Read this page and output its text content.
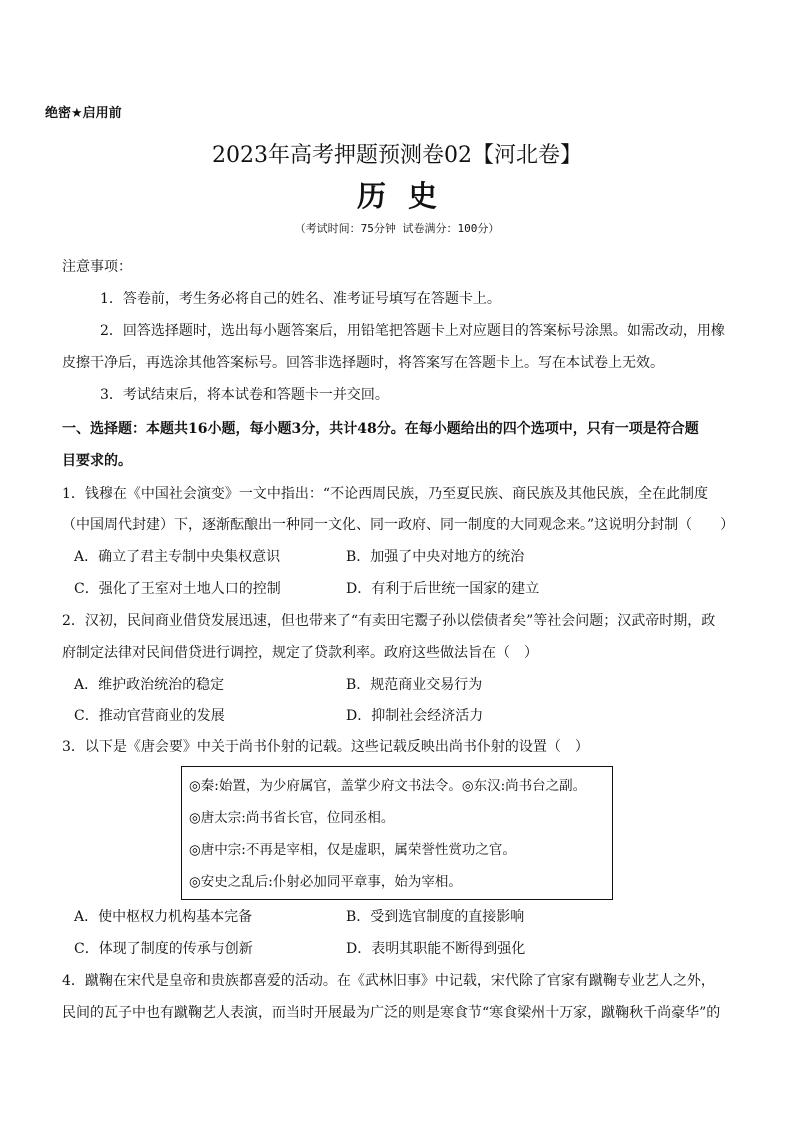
绝密★启用前
2023年高考押题预测卷02【河北卷】
历史
（考试时间：75分钟 试卷满分：100分）
注意事项：
1．答卷前，考生务必将自己的姓名、准考证号填写在答题卡上。
2．回答选择题时，选出每小题答案后，用铅笔把答题卡上对应题目的答案标号涂黑。如需改动，用橡
皮擦干净后，再选涂其他答案标号。回答非选择题时，将答案写在答题卡上。写在本试卷上无效。
3．考试结束后，将本试卷和答题卡一并交回。
一、选择题：本题共16小题，每小题3分，共计48分。在每小题给出的四个选项中，只有一项是符合题
目要求的。
1．钱穆在《中国社会演变》一文中指出：“不论西周民族，乃至夏民族、商民族及其他民族，全在此制度
（中国周代封建）下，逐渐酝酿出一种同一文化、同一政府、同一制度的大同观念来。”这说明分封制（　　）
A．确立了君主专制中央集权意识	B．加强了中央对地方的统治
C．强化了王室对土地人口的控制	D．有利于后世统一国家的建立
2．汉初，民间商业借贷发展迅速，但也带来了“有卖田宅鬻子孙以偿债者矣”等社会问题；汉武帝时期，政
府制定法律对民间借贷进行调控，规定了贷款利率。政府这些做法旨在（　）
A．维护政治统治的稳定	B．规范商业交易行为
C．推动官营商业的发展	D．抑制社会经济活力
3．以下是《唐会要》中关于尚书仆射的记载。这些记载反映出尚书仆射的设置（　）
◎秦:始置，为少府属官，盖掌少府文书法令。◎东汉:尚书台之副。
◎唐太宗:尚书省长官，位同丞相。
◎唐中宗:不再是宰相，仅是虚职，属荣誉性赏功之官。
◎安史之乱后:仆射必加同平章事，始为宰相。
A．使中枢权力机构基本完备	B．受到选官制度的直接影响
C．体现了制度的传承与创新	D．表明其职能不断得到强化
4．蹴鞠在宋代是皇帝和贵族都喜爱的活动。在《武林旧事》中记载，宋代除了官家有蹴鞠专业艺人之外，
民间的瓦子中也有蹴鞠艺人表演，而当时开展最为广泛的则是寒食节“寒食梁州十万家，蹴鞠秋千尚豪华”的
